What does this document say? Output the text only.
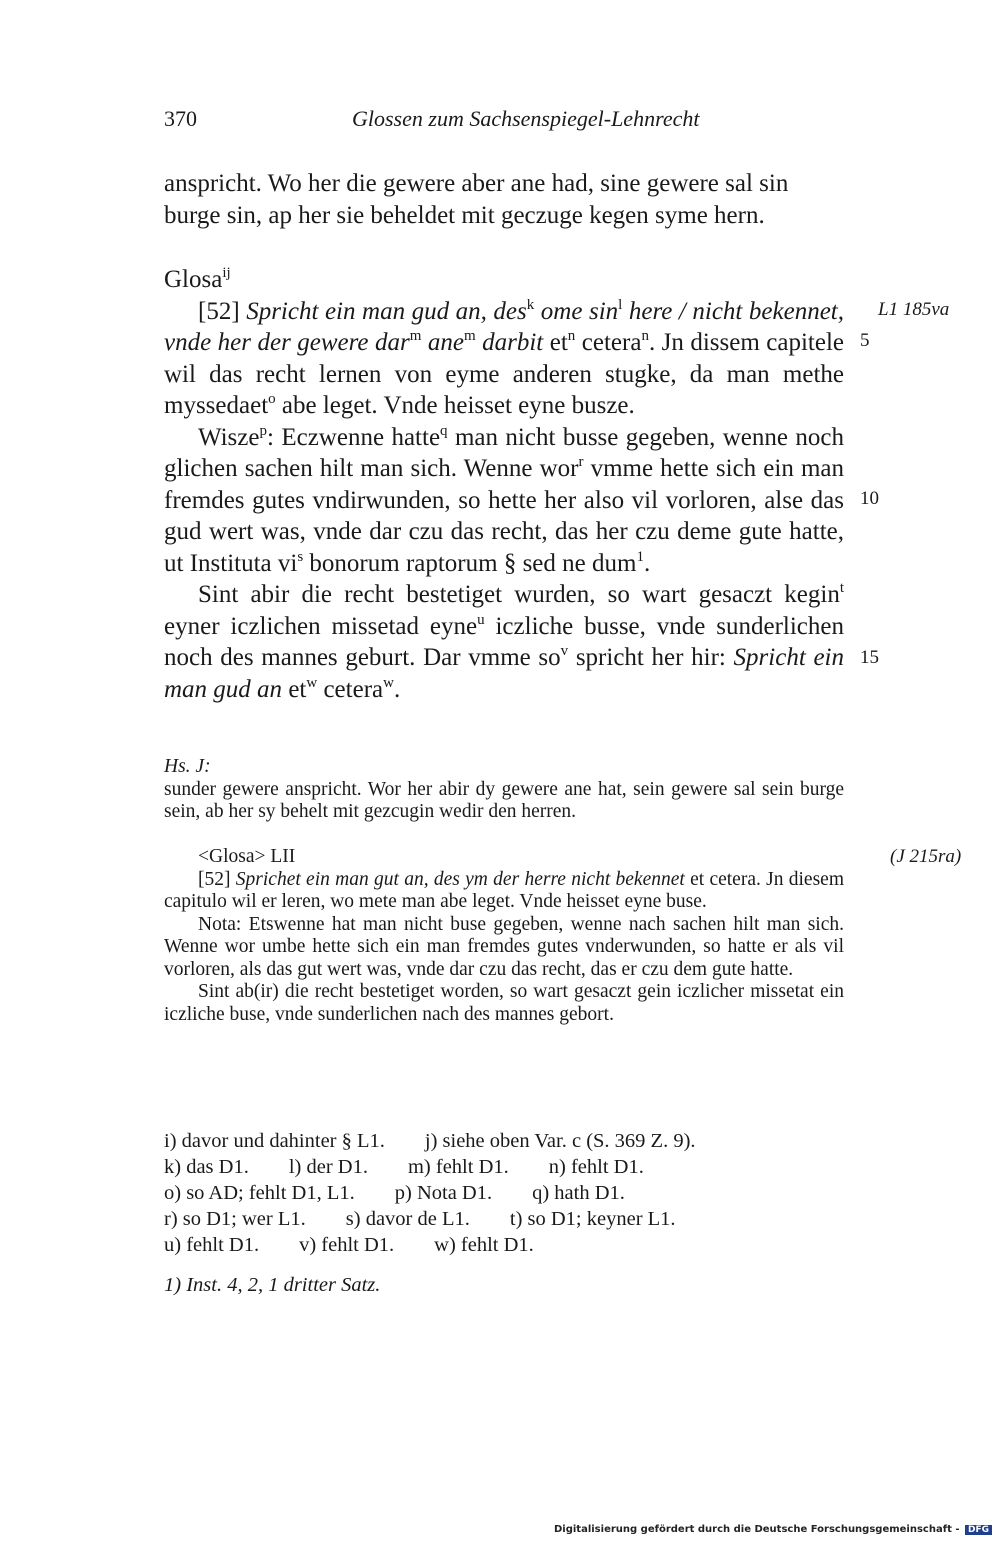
370	Glossen zum Sachsenspiegel-Lehnrecht

anspricht. Wo her die gewere aber ane had, sine gewere sal sin
burge sin, ap her sie beheldet mit geczuge kegen syme hern.

Glosa$^{ij}$

[52] Spricht ein man gud an, des$^k$ ome $\sin^l$ here / nicht bekennet, vnde her der gewere dar$^m$ ane$^m$ darbit $et^n$ cetera$^n$. Jn dissem capitele wil das recht lernen von eyme anderen stugke, da man methe myssedaet$^o$ abe leget. Vnde heisset eyne busze.

Wisze$^p$: Eczwenne hatte$^q$ man nicht busse gegeben, wenne noch glichen sachen hilt man sich. Wenne wor$^r$ vmme hette sich ein man fremdes gutes vndirwunden, so hette her also vil vorloren, alse das gud wert was, vnde dar czu das recht, das her czu deme gute hatte, ut Instituta $vi^s$ bonorum raptorum § sed ne dum$^1$.

Sint abir die recht bestetiget wurden, so wart gesaczt kegin$^t$ eyner iczlichen missetad eyne$^u$ iczliche busse, vnde sunderlichen noch des mannes geburt. Dar vmme $so^v$ spricht her hir: Spricht ein man gud an $et^w$ cetera$^w$.

5
10
15
L1 185va
(J 215ra)

Hs. J:

sunder gewere anspricht. Wor her abir dy gewere ane hat, sein gewere sal sein burge sein, ab her sy behelt mit gezcugin wedir den herren.

<Glosa> LII

[52] Sprichet ein man gut an, des ym der herre nicht bekennet et cetera. Jn diesem capitulo wil er leren, wo mete man abe leget. Vnde heisset eyne buse.

Nota: Etswenne hat man nicht buse gegeben, wenne nach sachen hilt man sich. Wenne wor umbe hette sich ein man fremdes gutes vnderwunden, so hatte er als vil vorloren, als das gut wert was, vnde dar czu das recht, das er czu dem gute hatte.

Sint ab(ir) die recht bestetiget worden, so wart gesaczt gein iczlicher missetat ein iczliche buse, vnde sunderlichen nach des mannes gebort.

i) davor und dahinter § L1. j) siehe oben Var. c (S. 369 Z. 9).k) das D1. l) der D1. m) fehlt D1. n) fehlt D1.o) so AD; fehlt D1, L1. p) Nota D1. q) hath D1.r) so D1; wer L1. s) davor de L1. t) so D1; keyner L1.u) fehlt D1. v) fehlt D1. w) fehlt D1.
1) Inst. 4, 2, 1 dritter Satz.
Digitalisierung gefördert durch die Deutsche Forschungsgemeinschaft - DFG
